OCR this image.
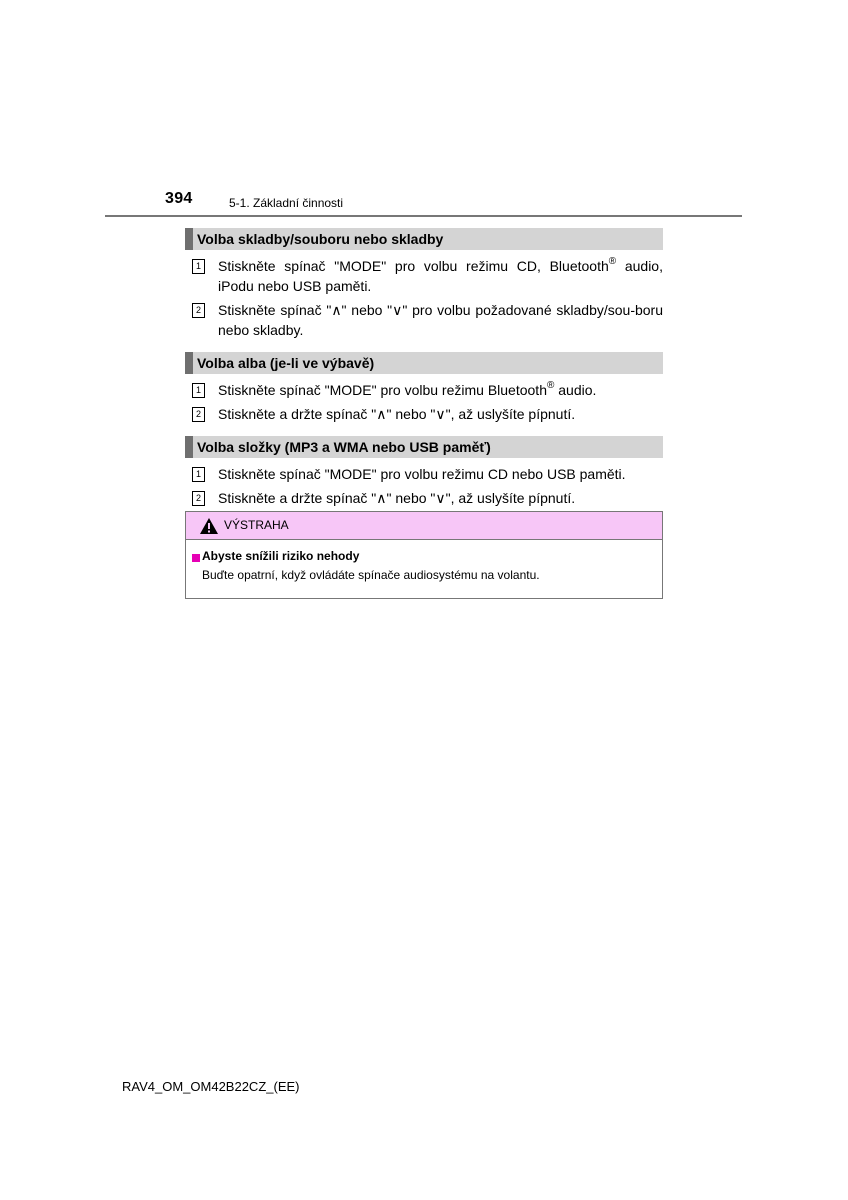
394	5-1. Základní činnosti
Volba skladby/souboru nebo skladby
1 Stiskněte spínač "MODE" pro volbu režimu CD, Bluetooth® audio, iPodu nebo USB paměti.
2 Stiskněte spínač "∧" nebo "∨" pro volbu požadované skladby/sou-boru nebo skladby.
Volba alba (je-li ve výbavě)
1 Stiskněte spínač "MODE" pro volbu režimu Bluetooth® audio.
2 Stiskněte a držte spínač "∧" nebo "∨", až uslyšíte pípnutí.
Volba složky (MP3 a WMA nebo USB paměť)
1 Stiskněte spínač "MODE" pro volbu režimu CD nebo USB paměti.
2 Stiskněte a držte spínač "∧" nebo "∨", až uslyšíte pípnutí.
VÝSTRAHA
Abyste snížili riziko nehody
Buďte opatrní, když ovládáte spínače audiosystému na volantu.
RAV4_OM_OM42B22CZ_(EE)
